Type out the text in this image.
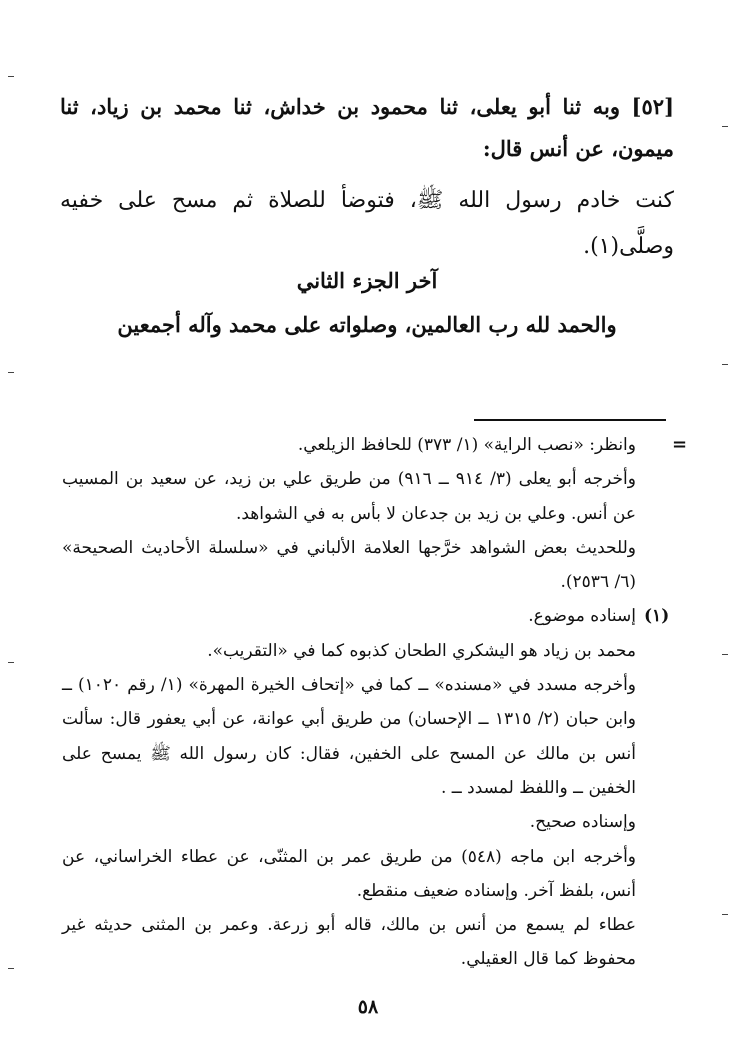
[٥٢] وبه ثنا أبو يعلى، ثنا محمود بن خداش، ثنا محمد بن زياد، ثنا ميمون، عن أنس قال:

كنت خادم رسول الله ﷺ، فتوضأ للصلاة ثم مسح على خفيه وصلَّى(١).

آخر الجزء الثاني

والحمد لله رب العالمين، وصلواته على محمد وآله أجمعين

=
(١)

وانظر: «نصب الراية» (١/ ٣٧٣) للحافظ الزيلعي.

وأخرجه أبو يعلى (٣/ ٩١٤ ــ ٩١٦) من طريق علي بن زيد، عن سعيد بن المسيب عن أنس. وعلي بن زيد بن جدعان لا بأس به في الشواهد.

وللحديث بعض الشواهد خرَّجها العلامة الألباني في «سلسلة الأحاديث الصحيحة» (٦/ ٢٥٣٦).

إسناده موضوع.

محمد بن زياد هو اليشكري الطحان كذبوه كما في «التقريب».

وأخرجه مسدد في «مسنده» ــ كما في «إتحاف الخيرة المهرة» (١/ رقم ١٠٢٠) ــ وابن حبان (٢/ ١٣١٥ ــ الإحسان) من طريق أبي عوانة، عن أبي يعفور قال: سألت أنس بن مالك عن المسح على الخفين، فقال: كان رسول الله ﷺ يمسح على الخفين ــ واللفظ لمسدد ــ .

وإسناده صحيح.

وأخرجه ابن ماجه (٥٤٨) من طريق عمر بن المثنّى، عن عطاء الخراساني، عن أنس، بلفظ آخر. وإسناده ضعيف منقطع.

عطاء لم يسمع من أنس بن مالك، قاله أبو زرعة. وعمر بن المثنى حديثه غير محفوظ كما قال العقيلي.

٥٨
